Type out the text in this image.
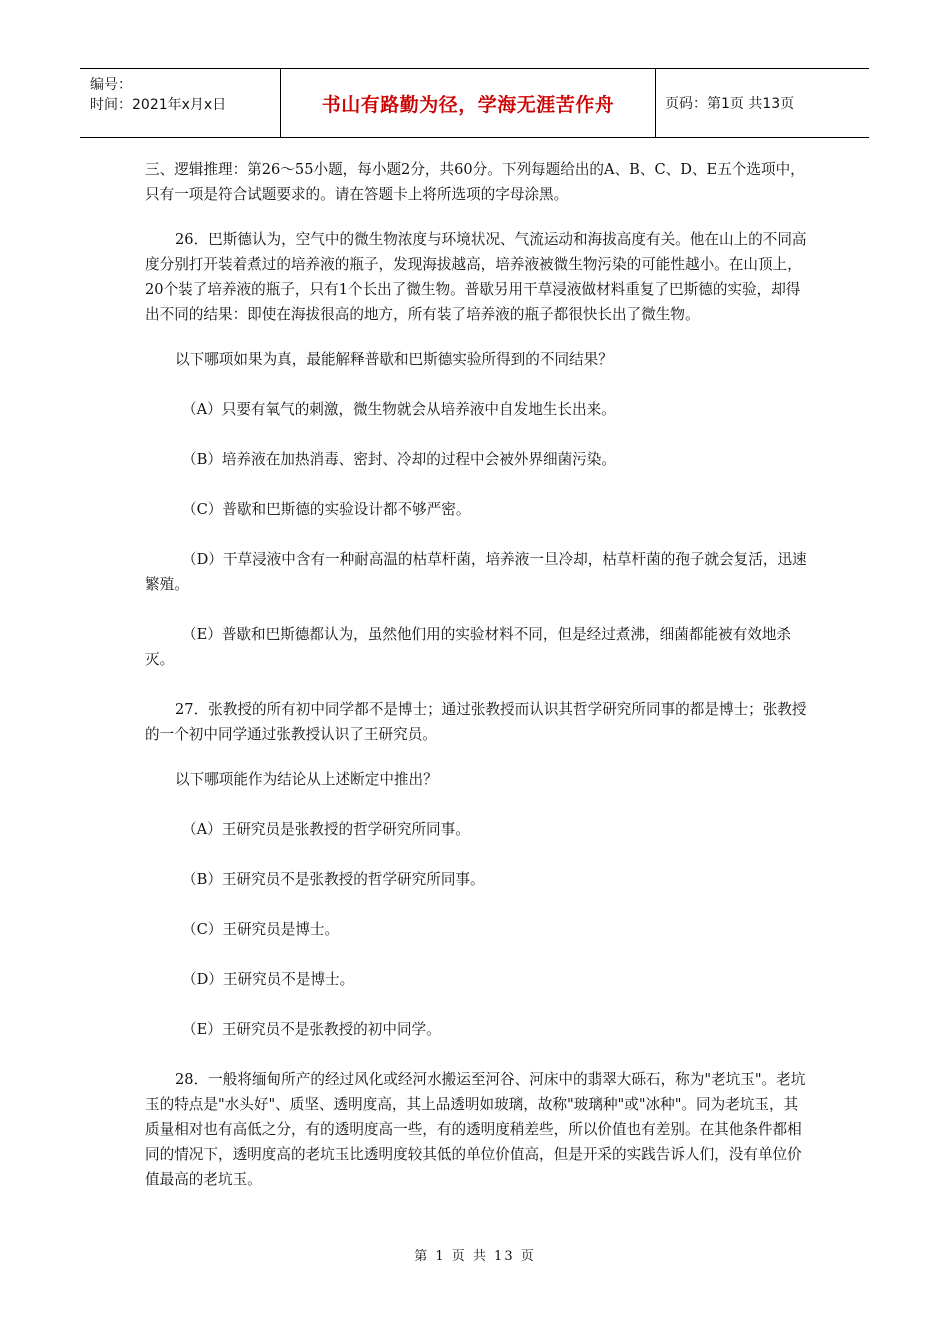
编号：
时间：2021年x月x日	书山有路勤为径，学海无涯苦作舟	页码：第1页 共13页

三、逻辑推理：第26～55小题，每小题2分，共60分。下列每题给出的A、B、C、D、E五个选项中，只有一项是符合试题要求的。请在答题卡上将所选项的字母涂黑。

26．巴斯德认为，空气中的微生物浓度与环境状况、气流运动和海拔高度有关。他在山上的不同高度分别打开装着煮过的培养液的瓶子，发现海拔越高，培养液被微生物污染的可能性越小。在山顶上，20个装了培养液的瓶子，只有1个长出了微生物。普歇另用干草浸液做材料重复了巴斯德的实验，却得出不同的结果：即使在海拔很高的地方，所有装了培养液的瓶子都很快长出了微生物。

以下哪项如果为真，最能解释普歇和巴斯德实验所得到的不同结果？

（A）只要有氧气的刺激，微生物就会从培养液中自发地生长出来。

（B）培养液在加热消毒、密封、冷却的过程中会被外界细菌污染。

（C）普歇和巴斯德的实验设计都不够严密。

（D）干草浸液中含有一种耐高温的枯草杆菌，培养液一旦冷却，枯草杆菌的孢子就会复活，迅速繁殖。

（E）普歇和巴斯德都认为，虽然他们用的实验材料不同，但是经过煮沸，细菌都能被有效地杀灭。

27．张教授的所有初中同学都不是博士；通过张教授而认识其哲学研究所同事的都是博士；张教授的一个初中同学通过张教授认识了王研究员。

以下哪项能作为结论从上述断定中推出？

（A）王研究员是张教授的哲学研究所同事。

（B）王研究员不是张教授的哲学研究所同事。

（C）王研究员是博士。

（D）王研究员不是博士。

（E）王研究员不是张教授的初中同学。

28．一般将缅甸所产的经过风化或经河水搬运至河谷、河床中的翡翠大砾石，称为"老坑玉"。老坑玉的特点是"水头好"、质坚、透明度高，其上品透明如玻璃，故称"玻璃种"或"冰种"。同为老坑玉，其质量相对也有高低之分，有的透明度高一些，有的透明度稍差些，所以价值也有差别。在其他条件都相同的情况下，透明度高的老坑玉比透明度较其低的单位价值高，但是开采的实践告诉人们，没有单位价值最高的老坑玉。

第 1 页 共 13 页
